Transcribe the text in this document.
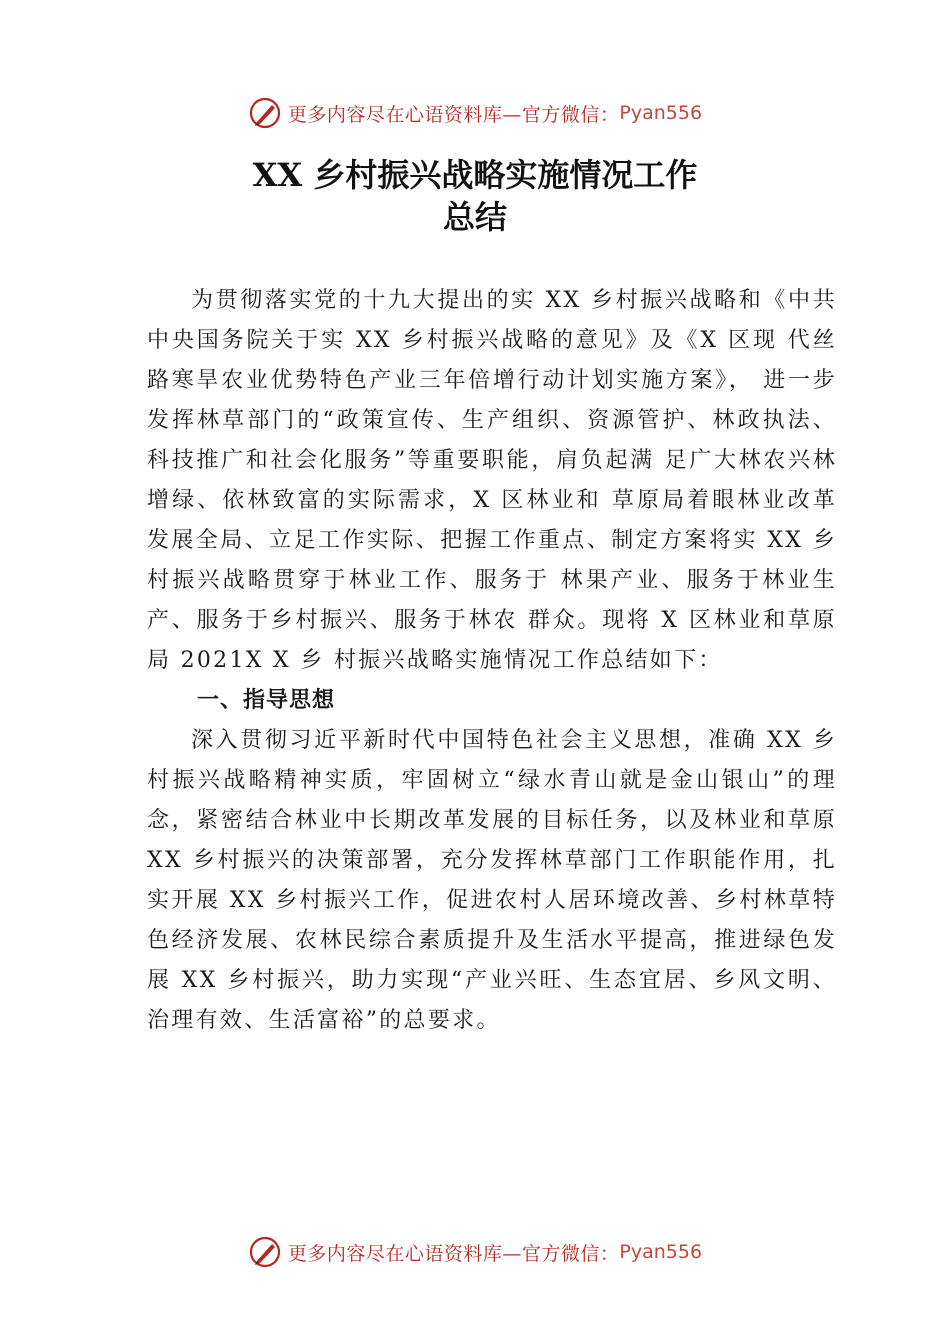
更多内容尽在心语资料库—官方微信： Pyan556
XX 乡村振兴战略实施情况工作
总结

为贯彻落实党的十九大提出的实 XX 乡村振兴战略和《中共中央国务院关于实 XX 乡村振兴战略的意见》及《X 区现 代丝路寒旱农业优势特色产业三年倍增行动计划实施方案》， 进一步发挥林草部门的“政策宣传、生产组织、资源管护、林政执法、科技推广和社会化服务”等重要职能，肩负起满 足广大林农兴林增绿、依林致富的实际需求，X 区林业和 草原局着眼林业改革发展全局、立足工作实际、把握工作重点、制定方案将实 XX 乡村振兴战略贯穿于林业工作、服务于 林果产业、服务于林业生产、服务于乡村振兴、服务于林农 群众。现将 X 区林业和草原局 2021X X 乡 村振兴战略实施情况工作总结如下：

一、指导思想

深入贯彻习近平新时代中国特色社会主义思想，准确 XX 乡村振兴战略精神实质，牢固树立“绿水青山就是金山银山”的理念，紧密结合林业中长期改革发展的目标任务，以及林业和草原 XX 乡村振兴的决策部署，充分发挥林草部门工作职能作用，扎实开展 XX 乡村振兴工作，促进农村人居环境改善、乡村林草特色经济发展、农林民综合素质提升及生活水平提高，推进绿色发展 XX 乡村振兴，助力实现“产业兴旺、生态宜居、乡风文明、治理有效、生活富裕”的总要求。

更多内容尽在心语资料库—官方微信： Pyan556
